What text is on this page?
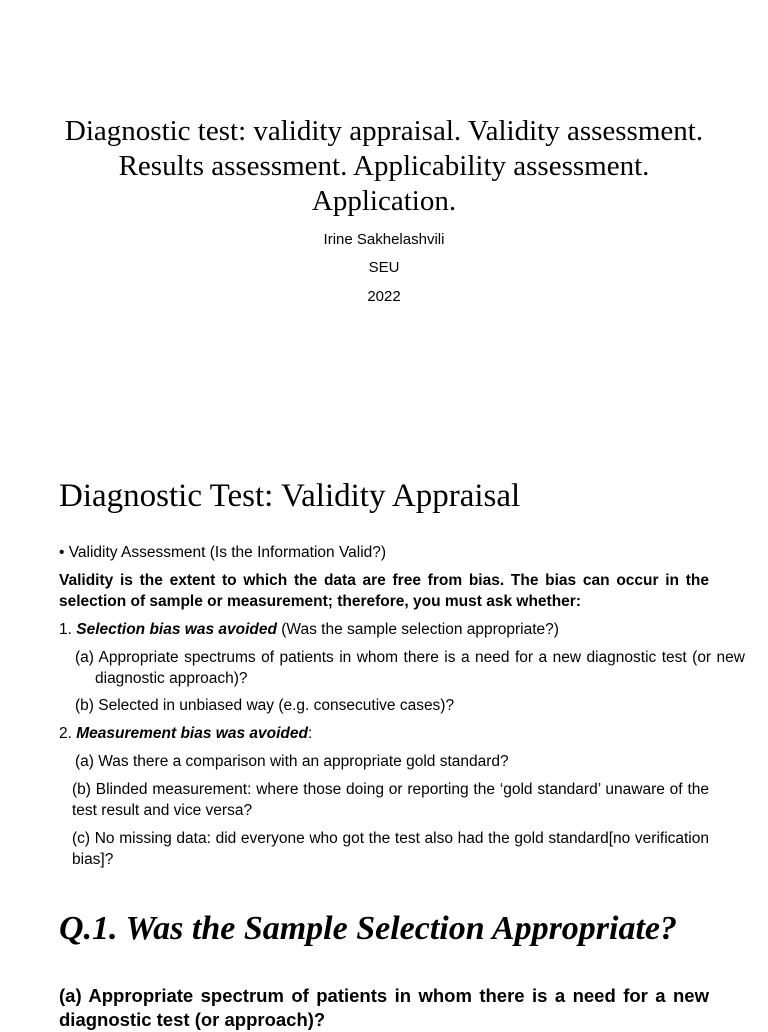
Diagnostic test: validity appraisal. Validity assessment. Results assessment. Applicability assessment. Application.
Irine Sakhelashvili
SEU
2022
Diagnostic Test: Validity Appraisal
• Validity Assessment (Is the Information Valid?)
Validity is the extent to which the data are free from bias. The bias can occur in the selection of sample or measurement; therefore, you must ask whether:
1. Selection bias was avoided (Was the sample selection appropriate?)
(a) Appropriate spectrums of patients in whom there is a need for a new diagnostic test (or new diagnostic approach)?
(b) Selected in unbiased way (e.g. consecutive cases)?
2. Measurement bias was avoided:
(a) Was there a comparison with an appropriate gold standard?
(b) Blinded measurement: where those doing or reporting the ‘gold standard’ unaware of the test result and vice versa?
(c) No missing data: did everyone who got the test also had the gold standard[no verification bias]?
Q.1. Was the Sample Selection Appropriate?
(a) Appropriate spectrum of patients in whom there is a need for a new diagnostic test (or approach)?
